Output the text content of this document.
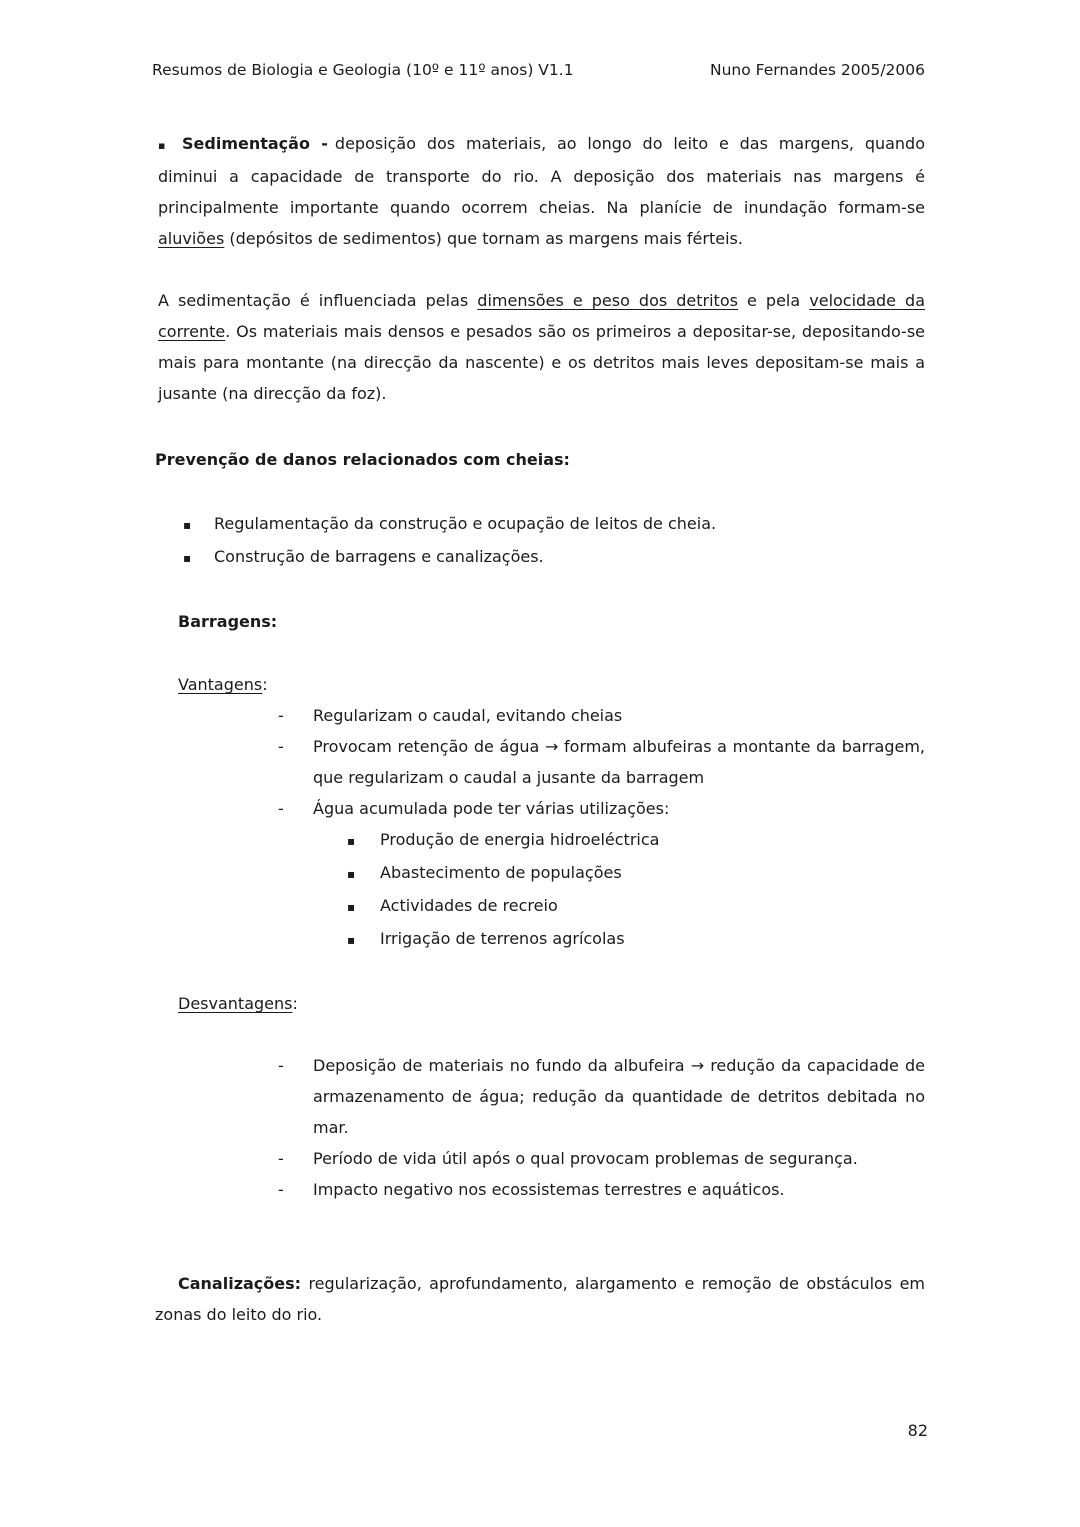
Resumos de Biologia e Geologia (10º e 11º anos) V1.1	Nuno Fernandes 2005/2006
▪ Sedimentação - deposição dos materiais, ao longo do leito e das margens, quando diminui a capacidade de transporte do rio. A deposição dos materiais nas margens é principalmente importante quando ocorrem cheias. Na planície de inundação formam-se aluviões (depósitos de sedimentos) que tornam as margens mais férteis.
A sedimentação é influenciada pelas dimensões e peso dos detritos e pela velocidade da corrente. Os materiais mais densos e pesados são os primeiros a depositar-se, depositando-se mais para montante (na direcção da nascente) e os detritos mais leves depositam-se mais a jusante (na direcção da foz).
Prevenção de danos relacionados com cheias:
▪	Regulamentação da construção e ocupação de leitos de cheia.
▪	Construção de barragens e canalizações.
Barragens:
Vantagens:
-	Regularizam o caudal, evitando cheias
-	Provocam retenção de água → formam albufeiras a montante da barragem, que regularizam o caudal a jusante da barragem
-	Água acumulada pode ter várias utilizações:
▪	Produção de energia hidroeléctrica
▪	Abastecimento de populações
▪	Actividades de recreio
▪	Irrigação de terrenos agrícolas
Desvantagens:
-	Deposição de materiais no fundo da albufeira → redução da capacidade de armazenamento de água; redução da quantidade de detritos debitada no mar.
-	Período de vida útil após o qual provocam problemas de segurança.
-	Impacto negativo nos ecossistemas terrestres e aquáticos.
Canalizações: regularização, aprofundamento, alargamento e remoção de obstáculos em zonas do leito do rio.
82
